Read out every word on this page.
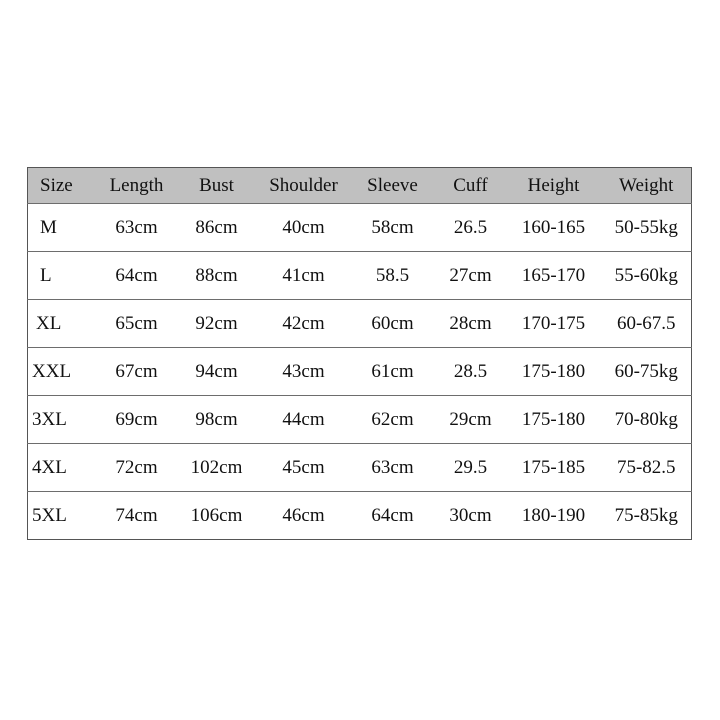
Size	Length	Bust	Shoulder	Sleeve	Cuff	Height	Weight
M	63cm	86cm	40cm	58cm	26.5	160-165	50-55kg
L	64cm	88cm	41cm	58.5	27cm	165-170	55-60kg
XL	65cm	92cm	42cm	60cm	28cm	170-175	60-67.5
XXL	67cm	94cm	43cm	61cm	28.5	175-180	60-75kg
3XL	69cm	98cm	44cm	62cm	29cm	175-180	70-80kg
4XL	72cm	102cm	45cm	63cm	29.5	175-185	75-82.5
5XL	74cm	106cm	46cm	64cm	30cm	180-190	75-85kg
